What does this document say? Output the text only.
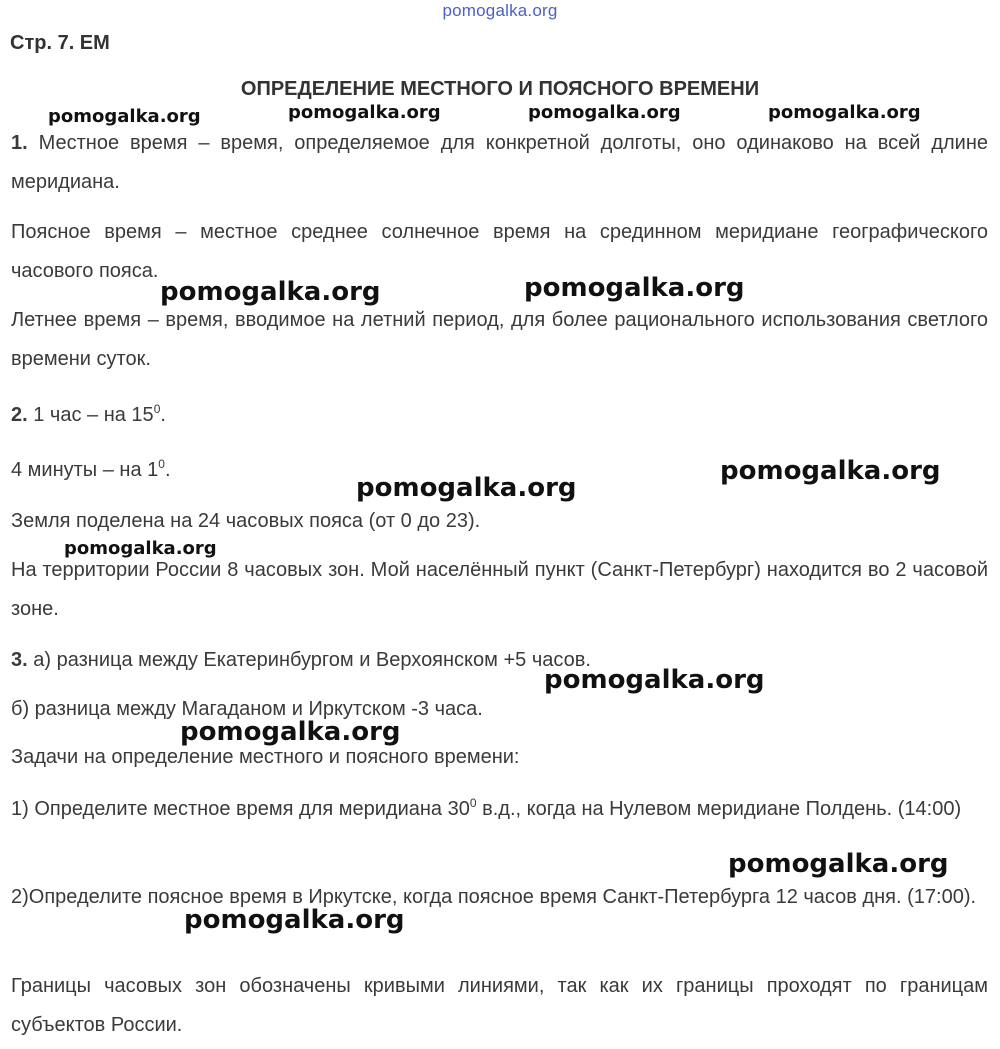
pomogalka.org
Стр. 7. ЕМ
ОПРЕДЕЛЕНИЕ МЕСТНОГО И ПОЯСНОГО ВРЕМЕНИ
1. Местное время – время, определяемое для конкретной долготы, оно одинаково на всей длине меридиана.
Поясное время – местное среднее солнечное время на срединном меридиане географического часового пояса.
Летнее время – время, вводимое на летний период, для более рационального использования светлого времени суток.
2. 1 час – на $15^0$.
4 минуты – на $1^0$.
Земля поделена на 24 часовых пояса (от 0 до 23).
На территории России 8 часовых зон. Мой населённый пункт (Санкт-Петербург) находится во 2 часовой зоне.
3. а) разница между Екатеринбургом и Верхоянском +5 часов.
б) разница между Магаданом и Иркутском -3 часа.
Задачи на определение местного и поясного времени:
1) Определите местное время для меридиана $30^0$ в.д., когда на Нулевом меридиане Полдень. (14:00)
2)Определите поясное время в Иркутске, когда поясное время Санкт-Петербурга 12 часов дня. (17:00).
Границы часовых зон обозначены кривыми линиями, так как их границы проходят по границам субъектов России.
pomogalka.org	pomogalka.org	pomogalka.org	pomogalka.org
pomogalka.org	pomogalka.org
pomogalka.org
pomogalka.org
pomogalka.org
pomogalka.org
pomogalka.org
pomogalka.org
pomogalka.org
